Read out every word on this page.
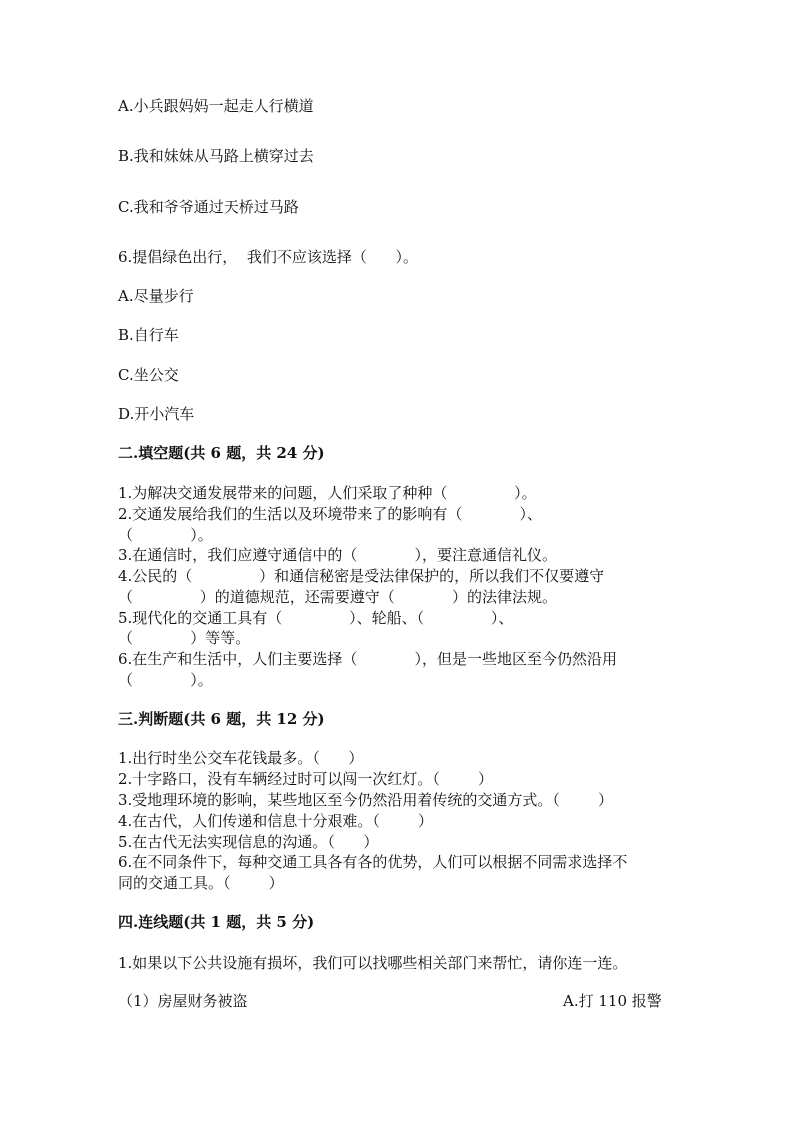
A.小兵跟妈妈一起走人行横道
B.我和妹妹从马路上横穿过去
C.我和爷爷通过天桥过马路
6.提倡绿色出行，  我们不应该选择（      ）。
A.尽量步行
B.自行车
C.坐公交
D.开小汽车
二.填空题(共 6 题，共 24 分)
1.为解决交通发展带来的问题，人们采取了种种（              ）。
2.交通发展给我们的生活以及环境带来了的影响有（            ）、
（            ）。
3.在通信时，我们应遵守通信中的（            ），要注意通信礼仪。
4.公民的（              ）和通信秘密是受法律保护的，所以我们不仅要遵守
（              ）的道德规范，还需要遵守（            ）的法律法规。
5.现代化的交通工具有（              ）、轮船、（              ）、
（            ）等等。
6.在生产和生活中，人们主要选择（            ），但是一些地区至今仍然沿用
（            ）。
三.判断题(共 6 题，共 12 分)
1.出行时坐公交车花钱最多。（      ）
2.十字路口，没有车辆经过时可以闯一次红灯。（        ）
3.受地理环境的影响，某些地区至今仍然沿用着传统的交通方式。（        ）
4.在古代，人们传递和信息十分艰难。（        ）
5.在古代无法实现信息的沟通。（      ）
6.在不同条件下，每种交通工具各有各的优势，人们可以根据不同需求选择不
同的交通工具。（        ）
四.连线题(共 1 题，共 5 分)
1.如果以下公共设施有损坏，我们可以找哪些相关部门来帮忙，请你连一连。
（1）房屋财务被盗	A.打 110 报警
